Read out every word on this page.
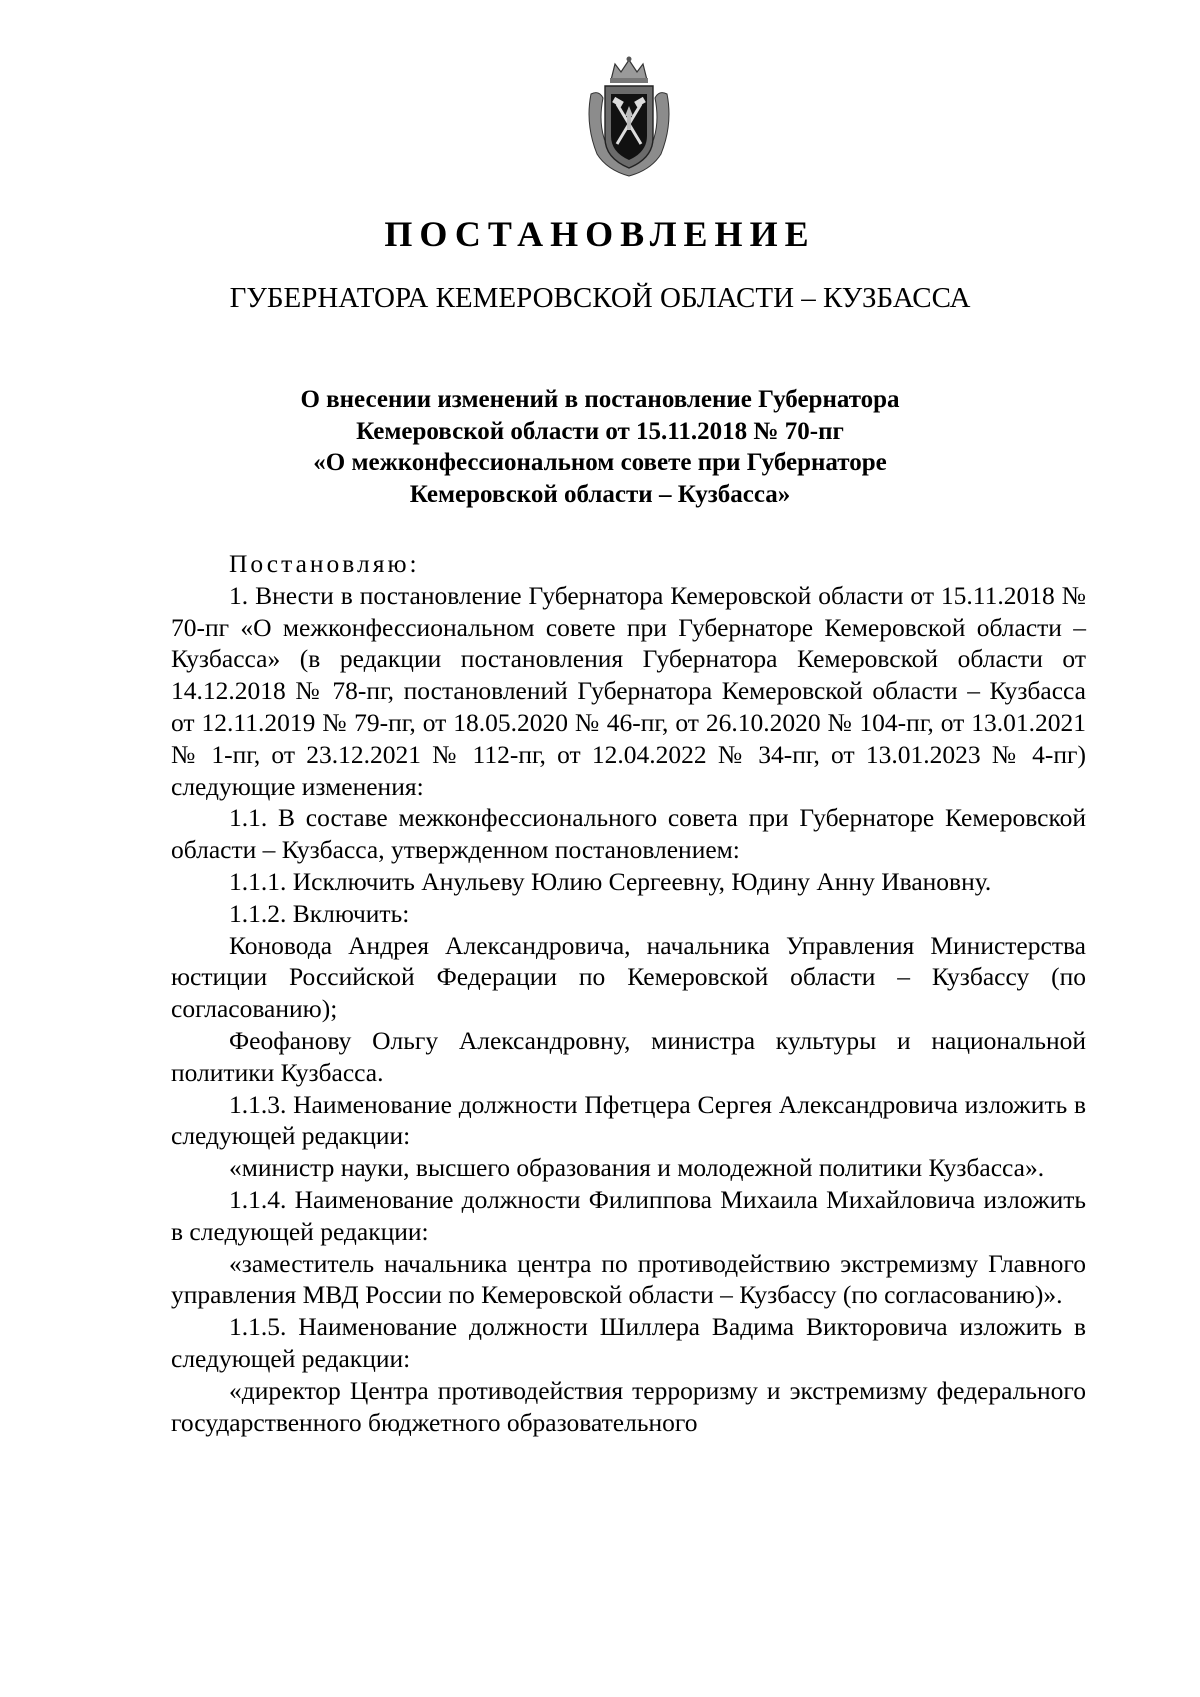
ПОСТАНОВЛЕНИЕ
ГУБЕРНАТОРА КЕМЕРОВСКОЙ ОБЛАСТИ – КУЗБАССА
О внесении изменений в постановление Губернатора
Кемеровской области от 15.11.2018 № 70-пг
«О межконфессиональном совете при Губернаторе
Кемеровской области – Кузбасса»

Постановляю:

1. Внести в постановление Губернатора Кемеровской области от 15.11.2018 № 70-пг «О межконфессиональном совете при Губернаторе Кемеровской области – Кузбасса» (в редакции постановления Губернатора Кемеровской области от 14.12.2018 № 78-пг, постановлений Губернатора Кемеровской области – Кузбасса от 12.11.2019 № 79-пг, от 18.05.2020 № 46-пг, от 26.10.2020 № 104-пг, от 13.01.2021 № 1-пг, от 23.12.2021 № 112-пг, от 12.04.2022 № 34-пг, от 13.01.2023 № 4-пг) следующие изменения:

1.1. В составе межконфессионального совета при Губернаторе Кемеровской области – Кузбасса, утвержденном постановлением:

1.1.1. Исключить Анульеву Юлию Сергеевну, Юдину Анну Ивановну.

1.1.2. Включить:

Коновода Андрея Александровича, начальника Управления Министерства юстиции Российской Федерации по Кемеровской области – Кузбассу (по согласованию);

Феофанову Ольгу Александровну, министра культуры и национальной политики Кузбасса.

1.1.3. Наименование должности Пфетцера Сергея Александровича изложить в следующей редакции:

«министр науки, высшего образования и молодежной политики Кузбасса».

1.1.4. Наименование должности Филиппова Михаила Михайловича изложить в следующей редакции:

«заместитель начальника центра по противодействию экстремизму Главного управления МВД России по Кемеровской области – Кузбассу (по согласованию)».

1.1.5. Наименование должности Шиллера Вадима Викторовича изложить в следующей редакции:

«директор Центра противодействия терроризму и экстремизму федерального государственного бюджетного образовательного
